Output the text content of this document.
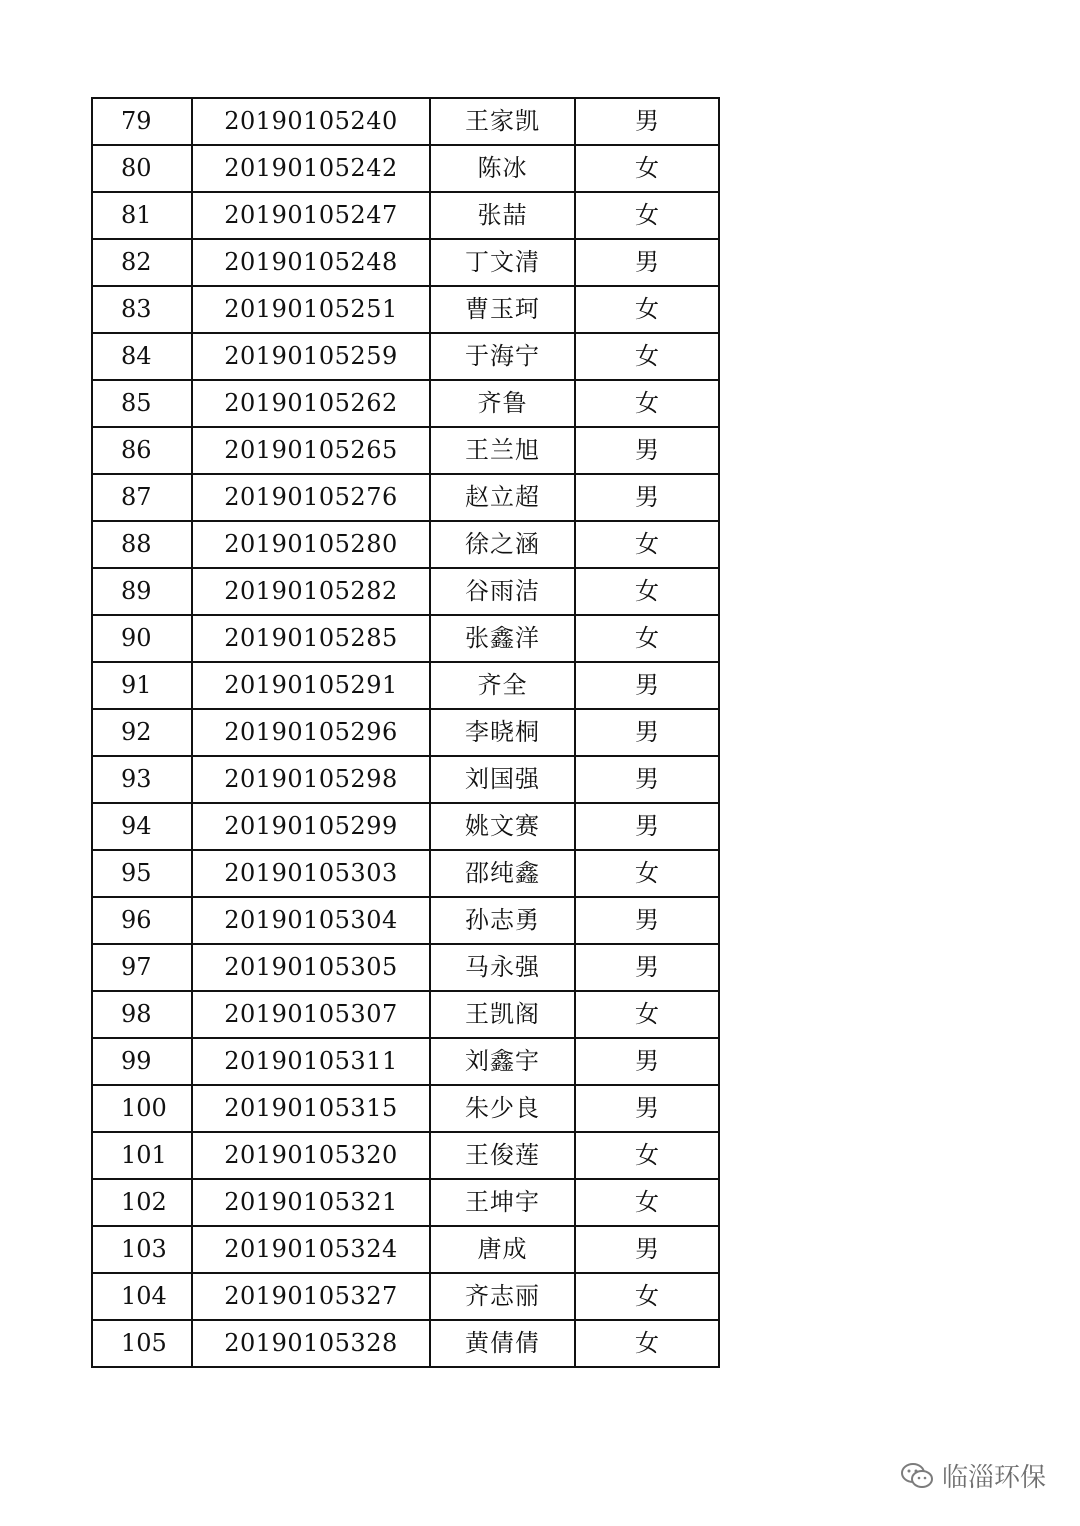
79	20190105240	王家凯	男
80	20190105242	陈冰	女
81	20190105247	张喆	女
82	20190105248	丁文清	男
83	20190105251	曹玉珂	女
84	20190105259	于海宁	女
85	20190105262	齐鲁	女
86	20190105265	王兰旭	男
87	20190105276	赵立超	男
88	20190105280	徐之涵	女
89	20190105282	谷雨洁	女
90	20190105285	张鑫洋	女
91	20190105291	齐全	男
92	20190105296	李晓桐	男
93	20190105298	刘国强	男
94	20190105299	姚文赛	男
95	20190105303	邵纯鑫	女
96	20190105304	孙志勇	男
97	20190105305	马永强	男
98	20190105307	王凯阁	女
99	20190105311	刘鑫宇	男
100	20190105315	朱少良	男
101	20190105320	王俊莲	女
102	20190105321	王坤宇	女
103	20190105324	唐成	男
104	20190105327	齐志丽	女
105	20190105328	黄倩倩	女
临淄环保
